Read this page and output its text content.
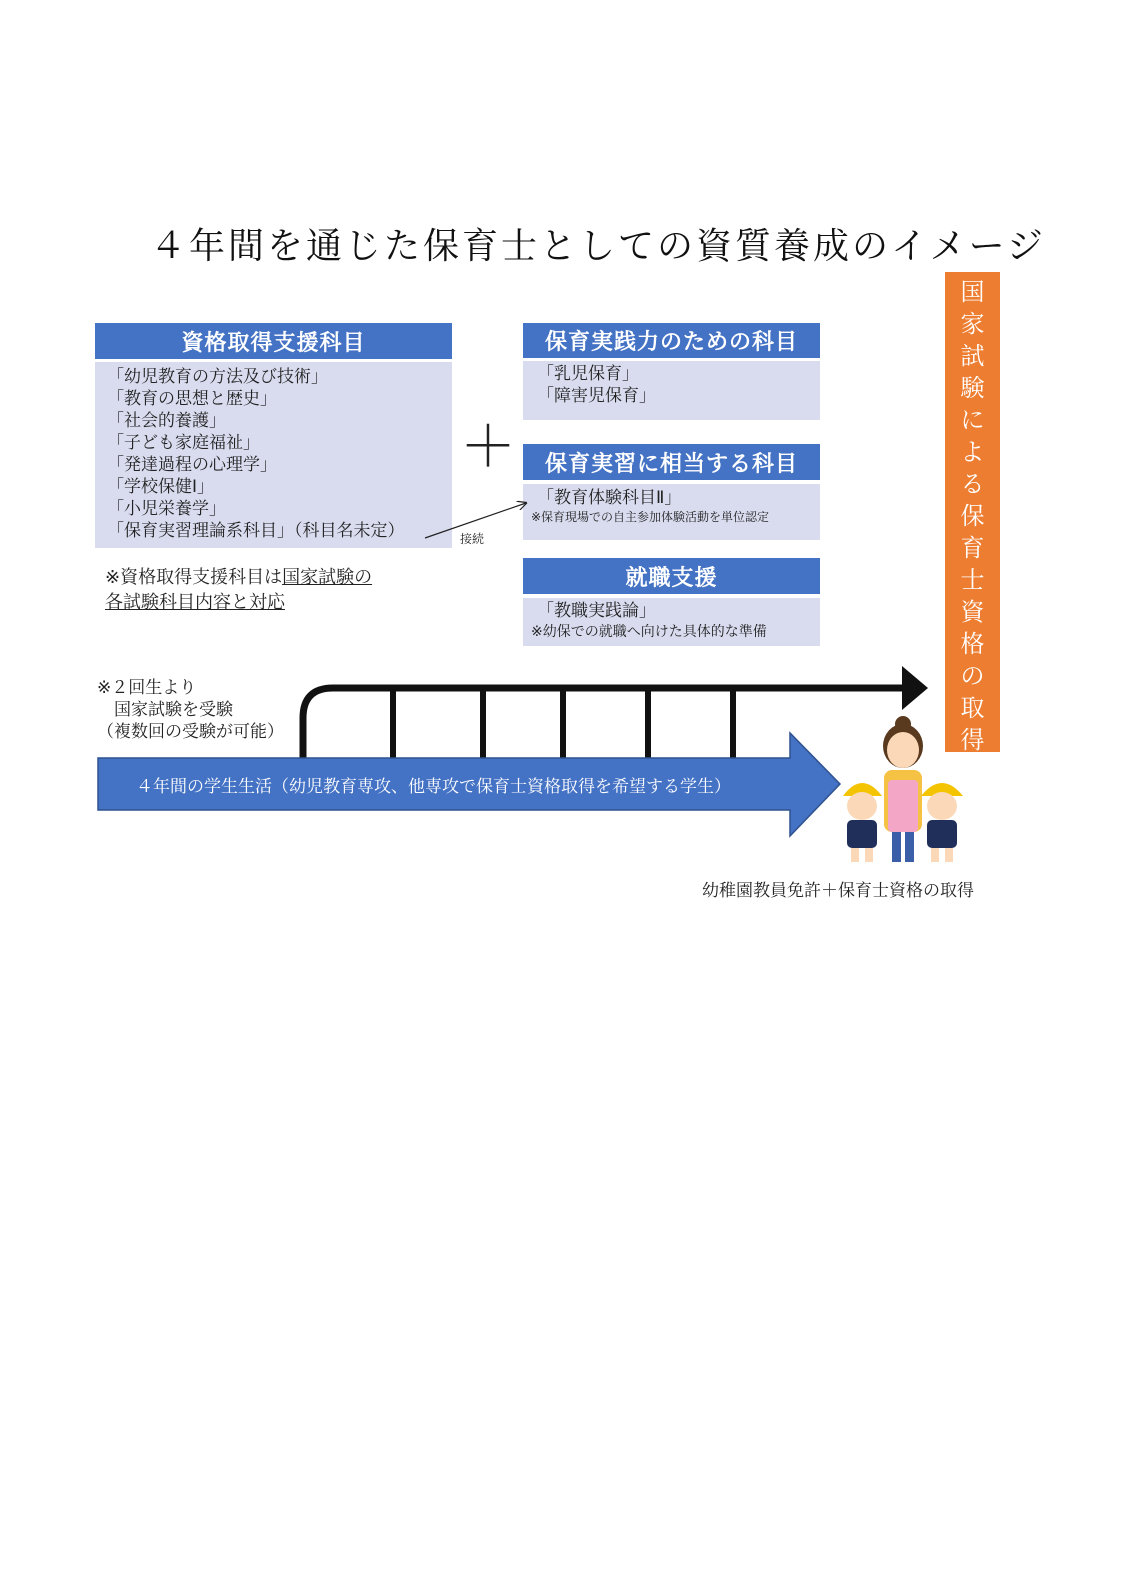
４年間を通じた保育士としての資質養成のイメージ
国
家
試
験
に
よ
る
保
育
士
資
格
の
取
得
資格取得支援科目
「幼児教育の方法及び技術」
「教育の思想と歴史」
「社会的養護」
「子ども家庭福祉」
「発達過程の心理学」
「学校保健Ⅰ」
「小児栄養学」
「保育実習理論系科目」（科目名未定）
※資格取得支援科目は国家試験の
各試験科目内容と対応
＋
保育実践力のための科目
「乳児保育」
「障害児保育」
保育実習に相当する科目
「教育体験科目Ⅱ」
※保育現場での自主参加体験活動を単位認定
就職支援
「教職実践論」
※幼保での就職へ向けた具体的な準備
接続
※２回生より
　国家試験を受験
（複数回の受験が可能）
４年間の学生生活（幼児教育専攻、他専攻で保育士資格取得を希望する学生）
幼稚園教員免許＋保育士資格の取得
